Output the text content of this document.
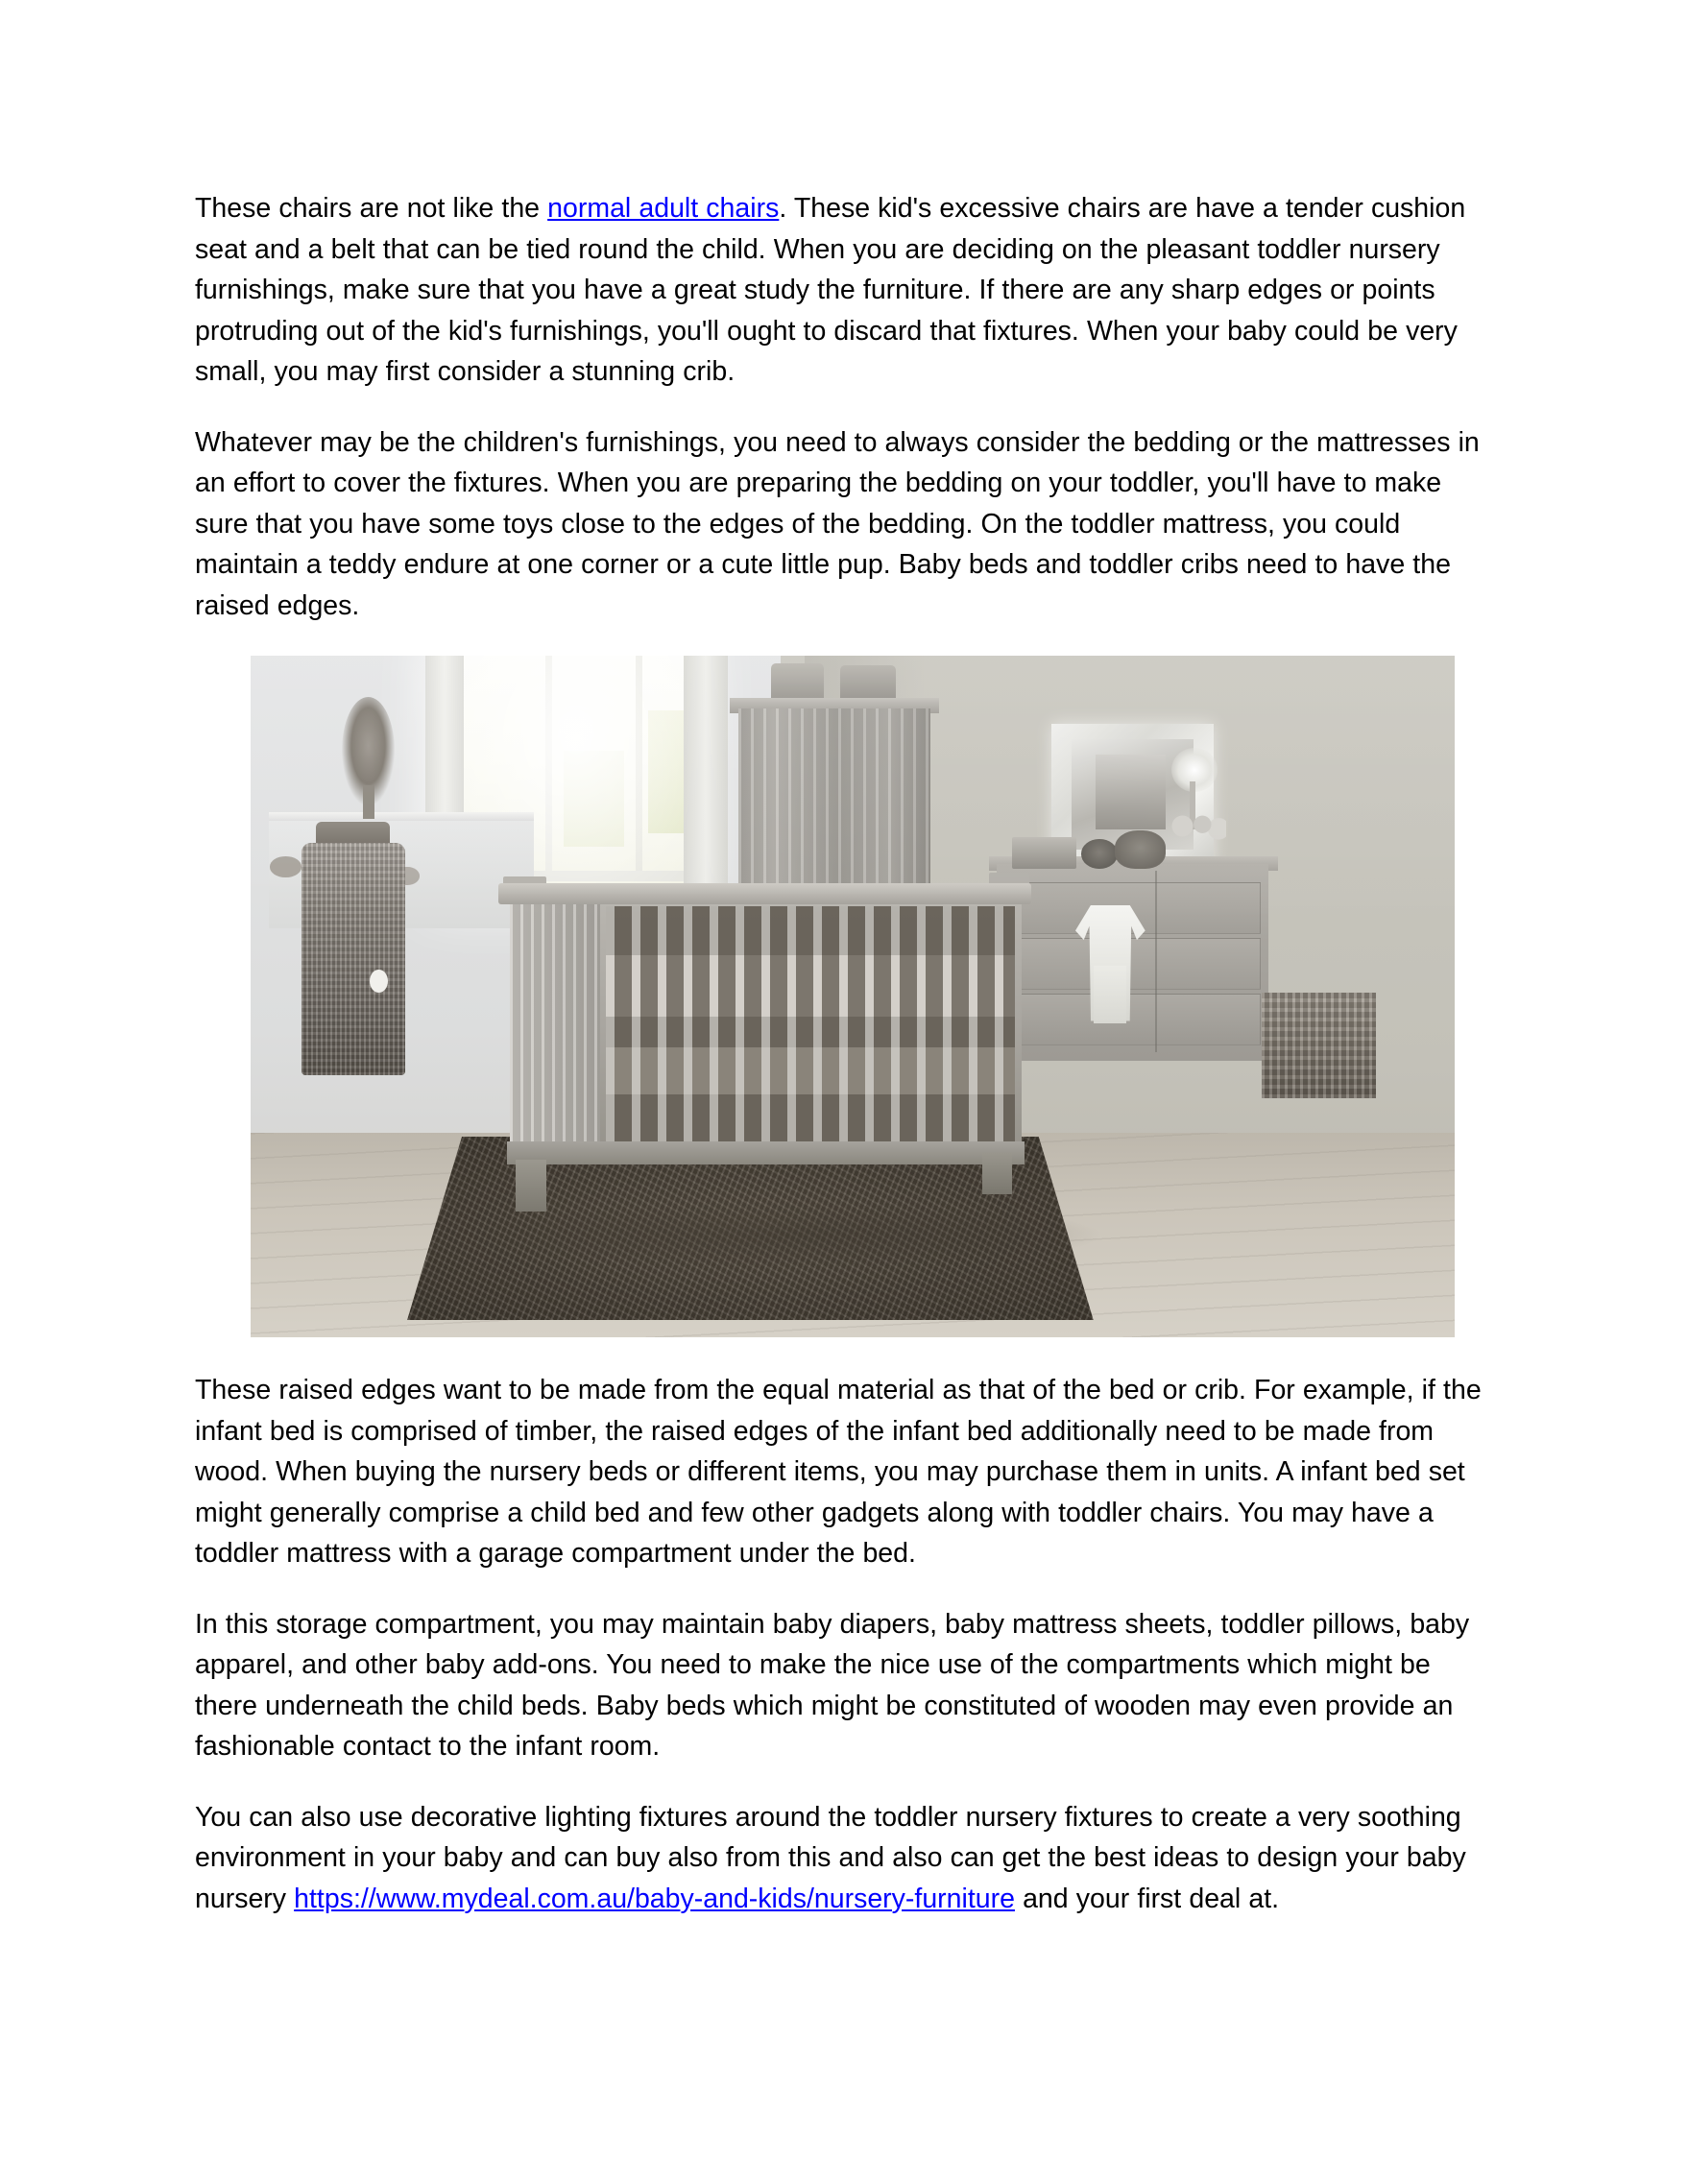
These chairs are not like the normal adult chairs. These kid's excessive chairs are have a tender cushion seat and a belt that can be tied round the child. When you are deciding on the pleasant toddler nursery furnishings, make sure that you have a great study the furniture. If there are any sharp edges or points protruding out of the kid's furnishings, you'll ought to discard that fixtures. When your baby could be very small, you may first consider a stunning crib.

Whatever may be the children's furnishings, you need to always consider the bedding or the mattresses in an effort to cover the fixtures. When you are preparing the bedding on your toddler, you'll have to make sure that you have some toys close to the edges of the bedding. On the toddler mattress, you could maintain a teddy endure at one corner or a cute little pup. Baby beds and toddler cribs need to have the raised edges.

These raised edges want to be made from the equal material as that of the bed or crib. For example, if the infant bed is comprised of timber, the raised edges of the infant bed additionally need to be made from wood. When buying the nursery beds or different items, you may purchase them in units. A infant bed set might generally comprise a child bed and few other gadgets along with toddler chairs. You may have a toddler mattress with a garage compartment under the bed.

In this storage compartment, you may maintain baby diapers, baby mattress sheets, toddler pillows, baby apparel, and other baby add-ons. You need to make the nice use of the compartments which might be there underneath the child beds. Baby beds which might be constituted of wooden may even provide an fashionable contact to the infant room.

You can also use decorative lighting fixtures around the toddler nursery fixtures to create a very soothing environment in your baby and can buy also from this and also can get the best ideas to design your baby nursery https://www.mydeal.com.au/baby-and-kids/nursery-furniture and your first deal at.
